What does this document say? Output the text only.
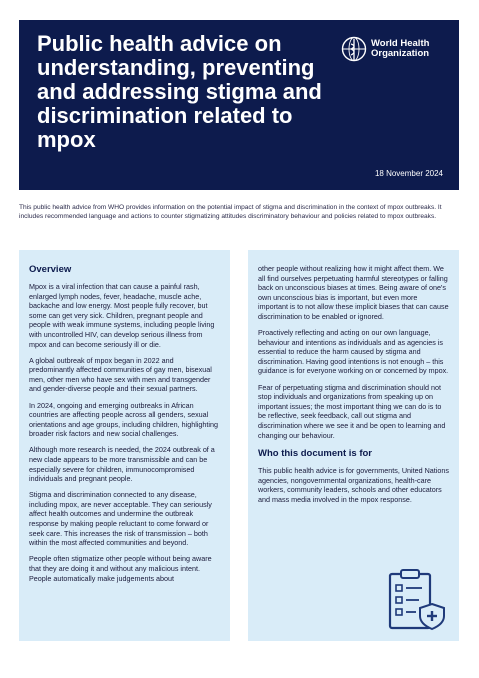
Public health advice on understanding, preventing and addressing stigma and discrimination related to mpox
World Health
Organization
18 November 2024
This public health advice from WHO provides information on the potential impact of stigma and discrimination in the context of mpox outbreaks. It includes recommended language and actions to counter stigmatizing attitudes discriminatory behaviour and policies related to mpox outbreaks.
Overview

Mpox is a viral infection that can cause a painful rash, enlarged lymph nodes, fever, headache, muscle ache, backache and low energy. Most people fully recover, but some can get very sick. Children, pregnant people and people with weak immune systems, including people living with uncontrolled HIV, can develop serious illness from mpox and can become seriously ill or die.

A global outbreak of mpox began in 2022 and predominantly affected communities of gay men, bisexual men, other men who have sex with men and transgender and gender-diverse people and their sexual partners.

In 2024, ongoing and emerging outbreaks in African countries are affecting people across all genders, sexual orientations and age groups, including children, highlighting broader risk factors and new social challenges.

Although more research is needed, the 2024 outbreak of a new clade appears to be more transmissible and can be especially severe for children, immunocompromised individuals and pregnant people.

Stigma and discrimination connected to any disease, including mpox, are never acceptable. They can seriously affect health outcomes and undermine the outbreak response by making people reluctant to come forward or seek care. This increases the risk of transmission – both within the most affected communities and beyond.

People often stigmatize other people without being aware that they are doing it and without any malicious intent. People automatically make judgements about

other people without realizing how it might affect them. We all find ourselves perpetuating harmful stereotypes or falling back on unconscious biases at times. Being aware of one's own unconscious bias is important, but even more important is to not allow these implicit biases that can cause discrimination to be enabled or ignored.

Proactively reflecting and acting on our own language, behaviour and intentions as individuals and as agencies is essential to reduce the harm caused by stigma and discrimination. Having good intentions is not enough – this guidance is for everyone working on or concerned by mpox.

Fear of perpetuating stigma and discrimination should not stop individuals and organizations from speaking up on important issues; the most important thing we can do is to be reflective, seek feedback, call out stigma and discrimination where we see it and be open to learning and changing our behaviour.

Who this document is for

This public health advice is for governments, United Nations agencies, nongovernmental organizations, health-care workers, community leaders, schools and other educators and mass media involved in the mpox response.
